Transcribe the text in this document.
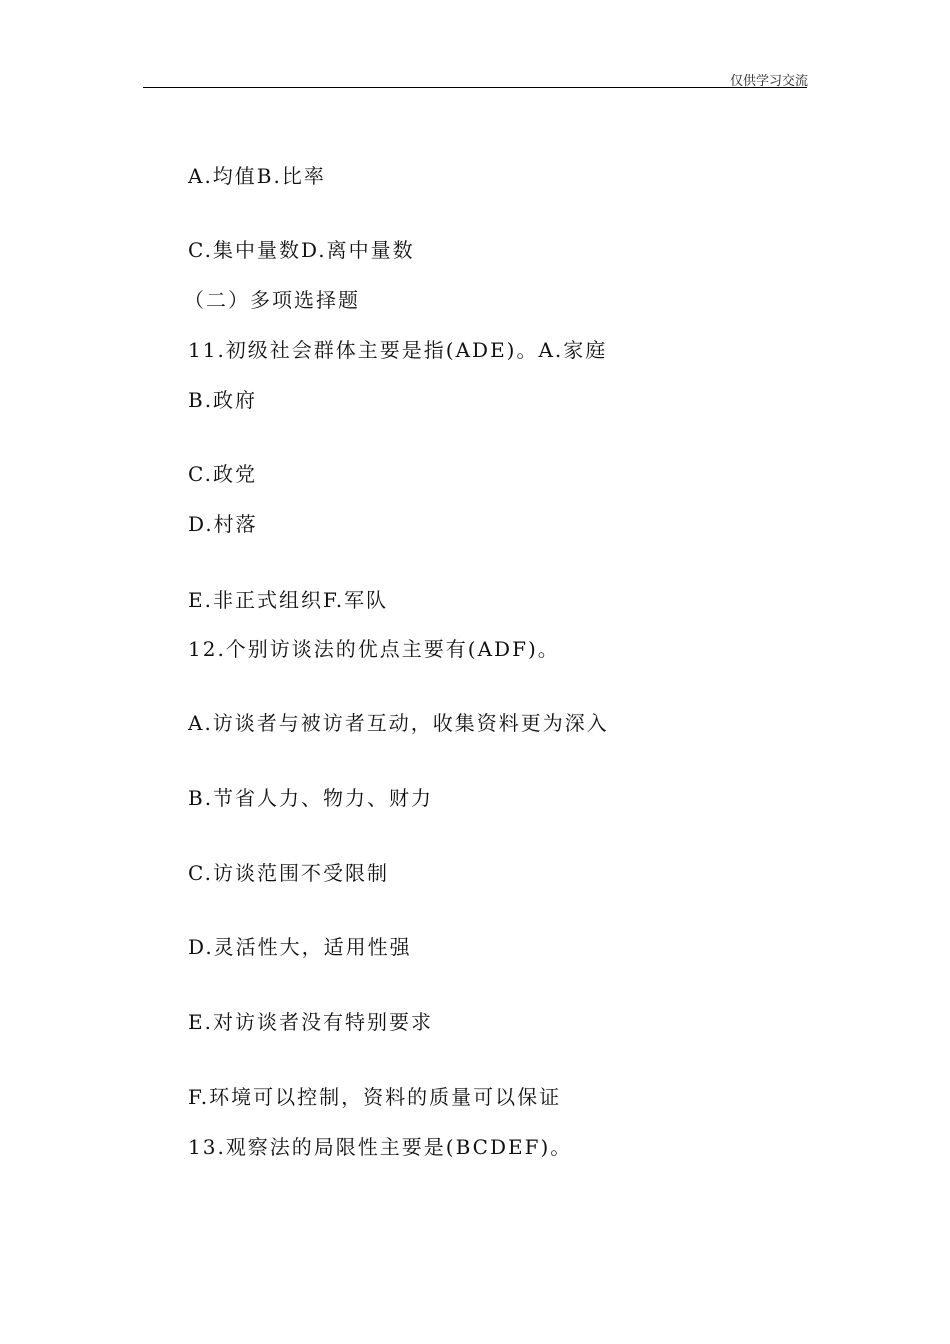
仅供学习交流
A.均值B.比率
C.集中量数D.离中量数
（二）多项选择题
11.初级社会群体主要是指(ADE)。A.家庭
B.政府
C.政党
D.村落
E.非正式组织F.军队
12.个别访谈法的优点主要有(ADF)。
A.访谈者与被访者互动，收集资料更为深入
B.节省人力、物力、财力
C.访谈范围不受限制
D.灵活性大，适用性强
E.对访谈者没有特别要求
F.环境可以控制，资料的质量可以保证
13.观察法的局限性主要是(BCDEF)。
